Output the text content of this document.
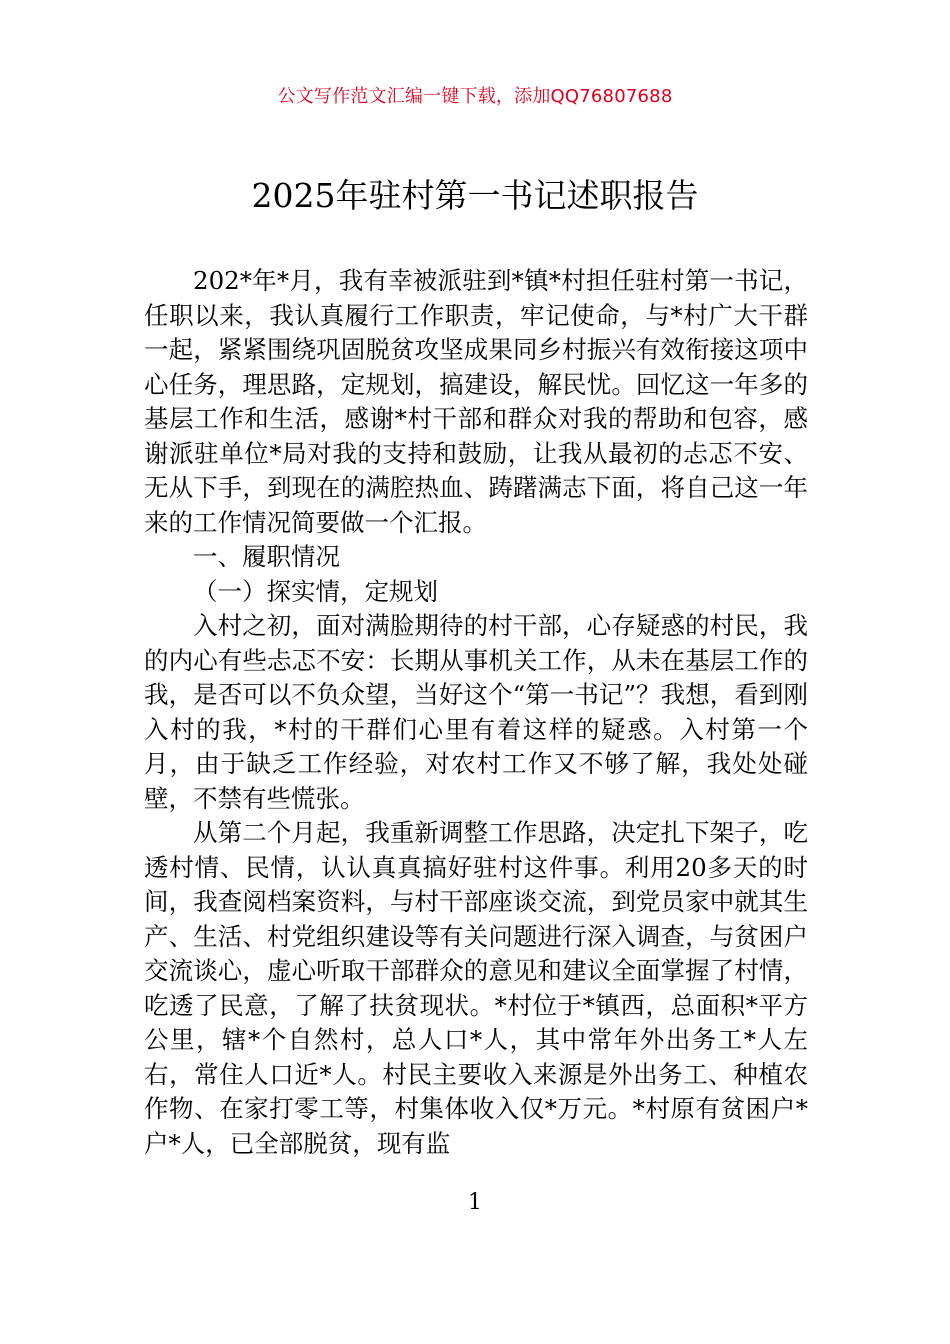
公文写作范文汇编一键下载，添加QQ76807688
2025年驻村第一书记述职报告

202*年*月，我有幸被派驻到*镇*村担任驻村第一书记，任职以来，我认真履行工作职责，牢记使命，与*村广大干群一起，紧紧围绕巩固脱贫攻坚成果同乡村振兴有效衔接这项中心任务，理思路，定规划，搞建设，解民忧。回忆这一年多的基层工作和生活，感谢*村干部和群众对我的帮助和包容，感谢派驻单位*局对我的支持和鼓励，让我从最初的忐忑不安、无从下手，到现在的满腔热血、踌躇满志下面，将自己这一年来的工作情况简要做一个汇报。

一、履职情况

（一）探实情，定规划

入村之初，面对满脸期待的村干部，心存疑惑的村民，我的内心有些忐忑不安：长期从事机关工作，从未在基层工作的我，是否可以不负众望，当好这个“第一书记”？我想，看到刚入村的我，*村的干群们心里有着这样的疑惑。入村第一个月，由于缺乏工作经验，对农村工作又不够了解，我处处碰壁，不禁有些慌张。

从第二个月起，我重新调整工作思路，决定扎下架子，吃透村情、民情，认认真真搞好驻村这件事。利用20多天的时间，我查阅档案资料，与村干部座谈交流，到党员家中就其生产、生活、村党组织建设等有关问题进行深入调查，与贫困户交流谈心，虚心听取干部群众的意见和建议全面掌握了村情，吃透了民意，了解了扶贫现状。*村位于*镇西，总面积*平方公里，辖*个自然村，总人口*人，其中常年外出务工*人左右，常住人口近*人。村民主要收入来源是外出务工、种植农作物、在家打零工等，村集体收入仅*万元。*村原有贫困户*户*人，已全部脱贫，现有监

1
